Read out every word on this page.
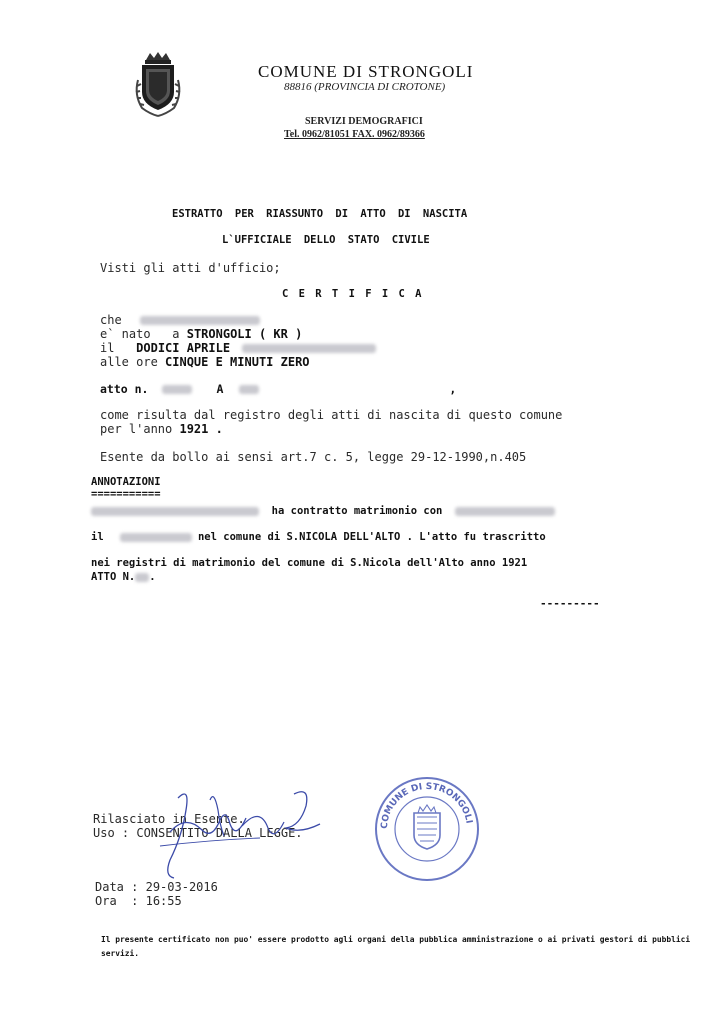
COMUNE DI STRONGOLI
88816 (PROVINCIA DI CROTONE)
SERVIZI DEMOGRAFICI
Tel. 0962/81051 FAX. 0962/89366
ESTRATTO PER RIASSUNTO DI ATTO DI NASCITA
L`UFFICIALE DELLO STATO CIVILE
Visti gli atti d'ufficio;
C E R T I F I C A
che
e` nato a STRONGOLI ( KR )
il DODICI APRILE
alle ore CINQUE E MINUTI ZERO
atto n.	A	,
come risulta dal registro degli atti di nascita di questo comune
per l'anno 1921 .
Esente da bollo ai sensi art.7 c. 5, legge 29-12-1990,n.405
ANNOTAZIONI
===========
ha contratto matrimonio con
il	nel comune di S.NICOLA DELL'ALTO . L'atto fu trascritto
nei registri di matrimonio del comune di S.Nicola dell'Alto anno 1921
ATTO N. .
---------
Rilasciato in Esente.
Uso : CONSENTITO DALLA LEGGE.
Data : 29-03-2016
Ora  : 16:55
Il presente certificato non puo' essere prodotto agli organi della pubblica amministrazione o ai privati gestori di pubblici
servizi.
COMUNE DI STRONGOLI
